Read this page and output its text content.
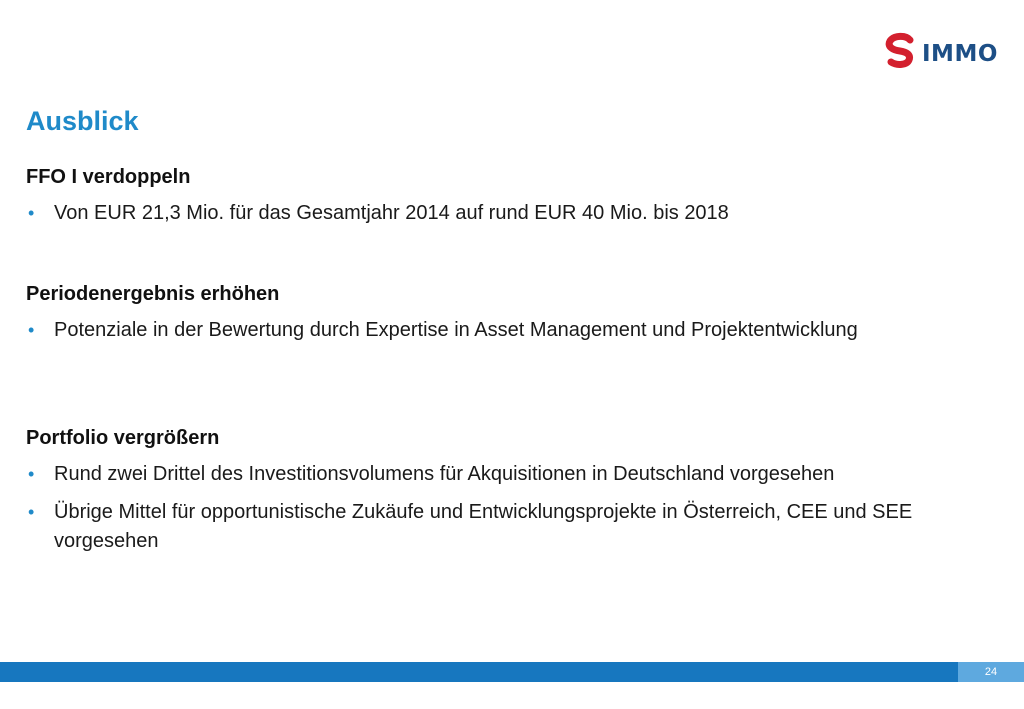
IMMO
Ausblick
FFO I verdoppeln
• Von EUR 21,3 Mio. für das Gesamtjahr 2014 auf rund EUR 40 Mio. bis 2018
Periodenergebnis erhöhen
• Potenziale in der Bewertung durch Expertise in Asset Management und Projektentwicklung
Portfolio vergrößern
• Rund zwei Drittel des Investitionsvolumens für Akquisitionen in Deutschland vorgesehen
• Übrige Mittel für opportunistische Zukäufe und Entwicklungsprojekte in Österreich, CEE und SEE vorgesehen
24
